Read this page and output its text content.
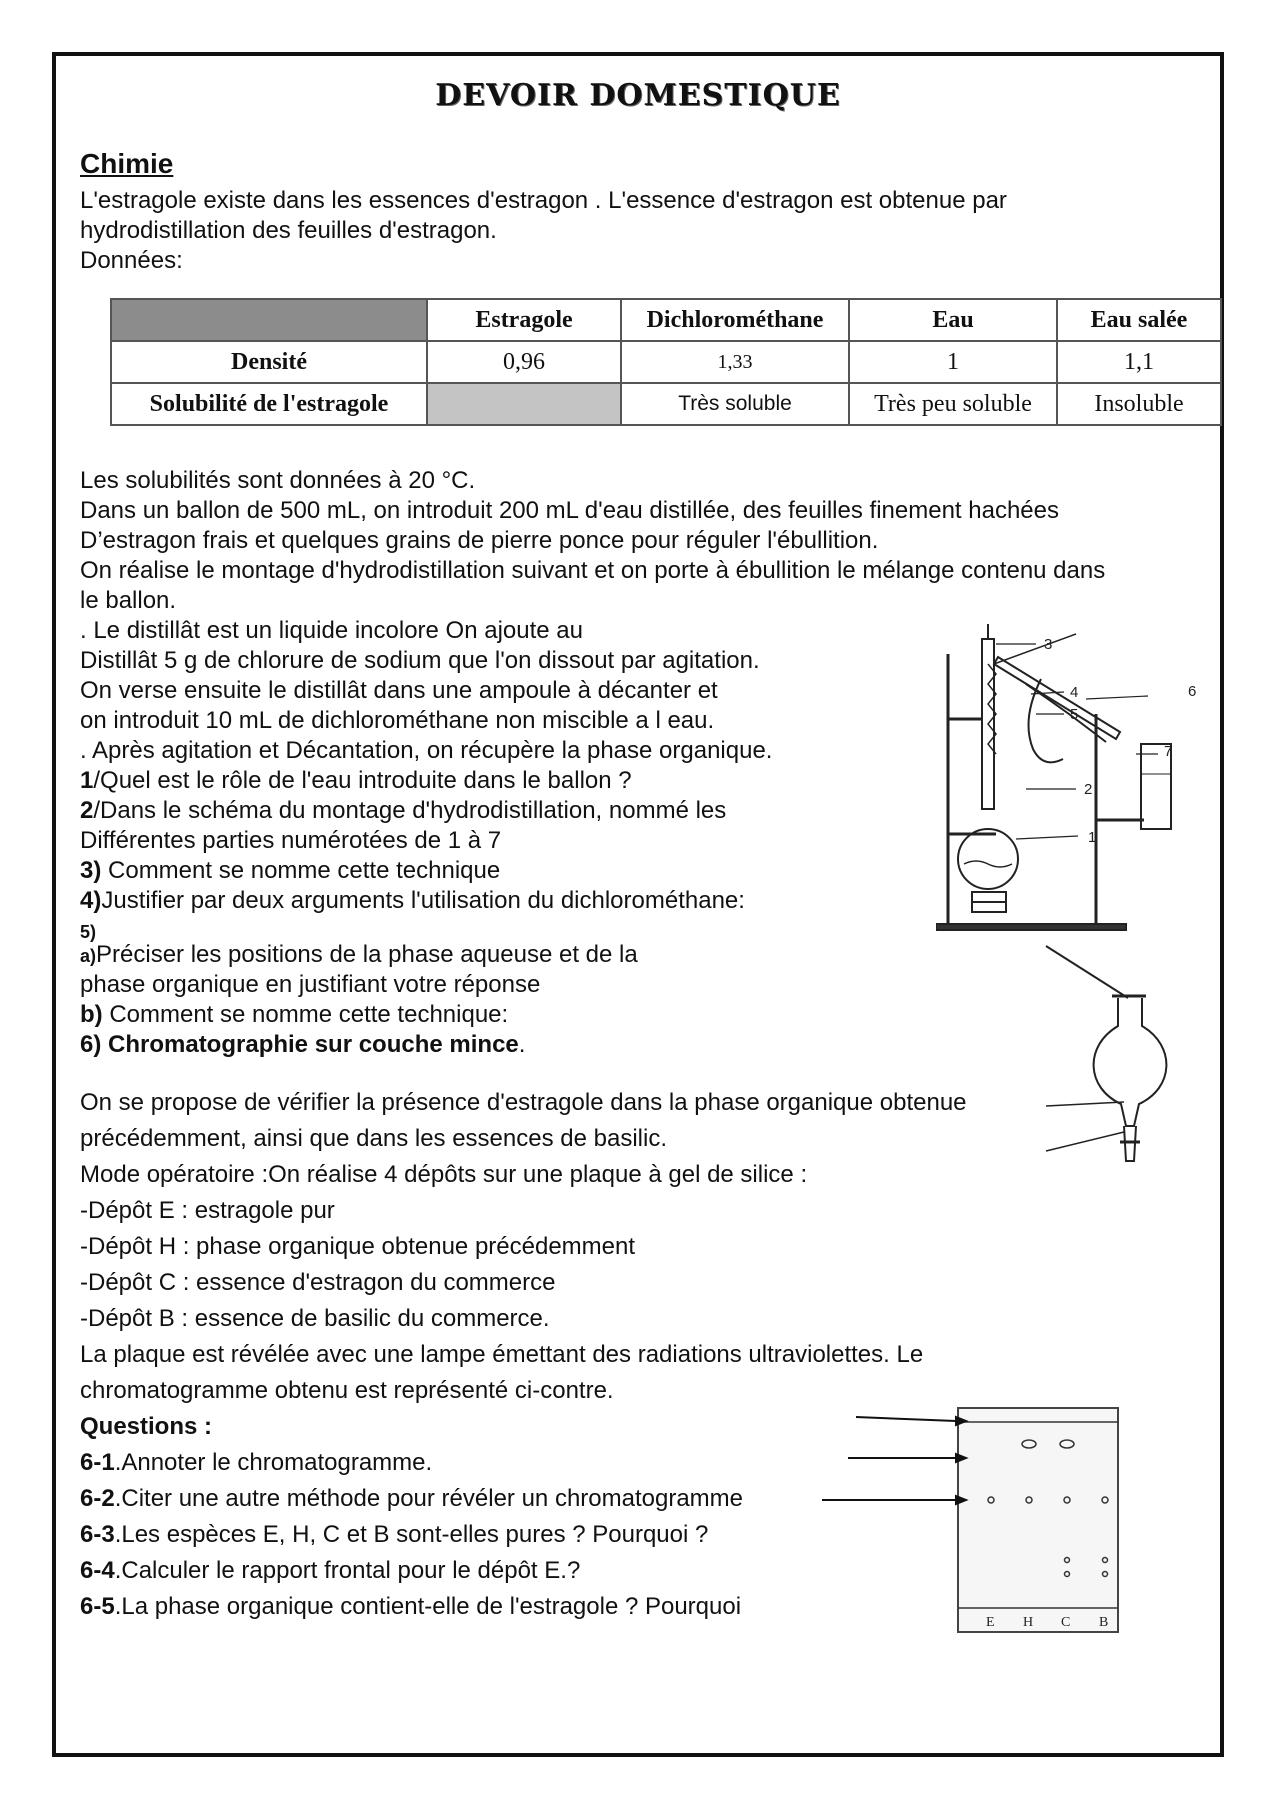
DEVOIR DOMESTIQUE
Chimie
L'estragole existe dans les essences d'estragon . L'essence d'estragon est obtenue par
hydrodistillation des feuilles d'estragon.
Données:
	Estragole	Dichlorométhane	Eau	Eau salée
Densité	0,96	1,33	1	1,1
Solubilité de l'estragole		Très soluble	Très peu soluble	Insoluble
Les solubilités sont données à 20 °C.
Dans un ballon de 500 mL, on introduit 200 mL d'eau distillée, des feuilles finement hachées
D’estragon frais et quelques grains de pierre ponce pour réguler l'ébullition.
On réalise le montage d'hydrodistillation suivant et on porte à ébullition le mélange contenu dans
le ballon.
. Le distillât est un liquide incolore On ajoute au
Distillât 5 g de chlorure de sodium que l'on dissout par agitation.
On verse ensuite le distillât dans une ampoule à décanter et
on introduit 10 mL de dichlorométhane non miscible a l eau.
. Après agitation et Décantation, on récupère la phase organique.
1/Quel est le rôle de l'eau introduite dans le ballon ?
2/Dans le schéma du montage d'hydrodistillation, nommé les
Différentes parties numérotées de 1 à 7
3) Comment se nomme cette technique
4)Justifier par deux arguments l'utilisation du dichlorométhane:
5)
a)Préciser les positions de la phase aqueuse et de la
phase organique en justifiant votre réponse
b) Comment se nomme cette technique:
6) Chromatographie sur couche mince.
On se propose de vérifier la présence d'estragole dans la phase organique obtenue
précédemment, ainsi que dans les essences de basilic.
Mode opératoire :On réalise 4 dépôts sur une plaque à gel de silice :
-Dépôt E : estragole pur
-Dépôt H : phase organique obtenue précédemment
-Dépôt C : essence d'estragon du commerce
-Dépôt B : essence de basilic du commerce.
La plaque est révélée avec une lampe émettant des radiations ultraviolettes. Le
chromatogramme obtenu est représenté ci-contre.
Questions :
6-1.Annoter le chromatogramme.
6-2.Citer une autre méthode pour révéler un chromatogramme
6-3.Les espèces E, H, C et B sont-elles pures ? Pourquoi ?
6-4.Calculer le rapport frontal pour le dépôt E.?
6-5.La phase organique contient-elle de l'estragole ? Pourquoi
1
2
3
4
5
6
7
E H C B
